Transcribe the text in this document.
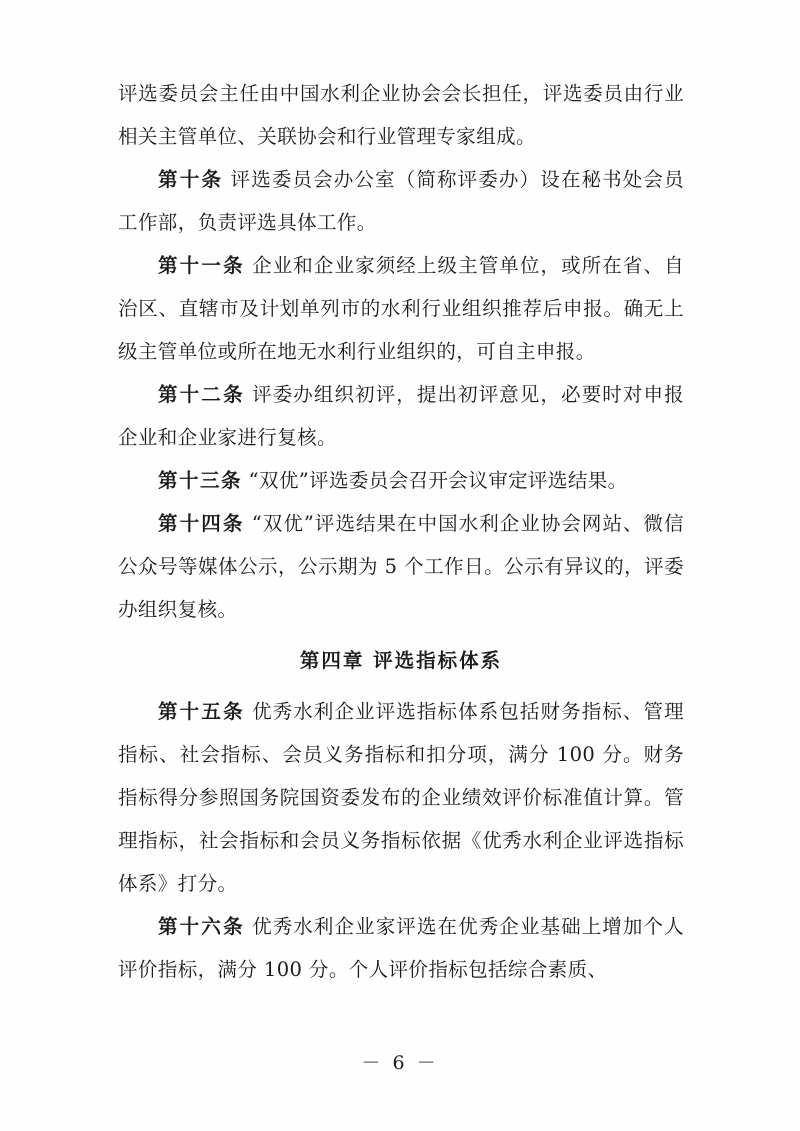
评选委员会主任由中国水利企业协会会长担任，评选委员由行业相关主管单位、关联协会和行业管理专家组成。

第十条 评选委员会办公室（简称评委办）设在秘书处会员工作部，负责评选具体工作。

第十一条 企业和企业家须经上级主管单位，或所在省、自治区、直辖市及计划单列市的水利行业组织推荐后申报。确无上级主管单位或所在地无水利行业组织的，可自主申报。

第十二条 评委办组织初评，提出初评意见，必要时对申报企业和企业家进行复核。

第十三条 “双优”评选委员会召开会议审定评选结果。

第十四条 “双优”评选结果在中国水利企业协会网站、微信公众号等媒体公示，公示期为 5 个工作日。公示有异议的，评委办组织复核。

第四章 评选指标体系

第十五条 优秀水利企业评选指标体系包括财务指标、管理指标、社会指标、会员义务指标和扣分项，满分 100 分。财务指标得分参照国务院国资委发布的企业绩效评价标准值计算。管理指标，社会指标和会员义务指标依据《优秀水利企业评选指标体系》打分。

第十六条 优秀水利企业家评选在优秀企业基础上增加个人评价指标，满分 100 分。个人评价指标包括综合素质、

－ 6 －
